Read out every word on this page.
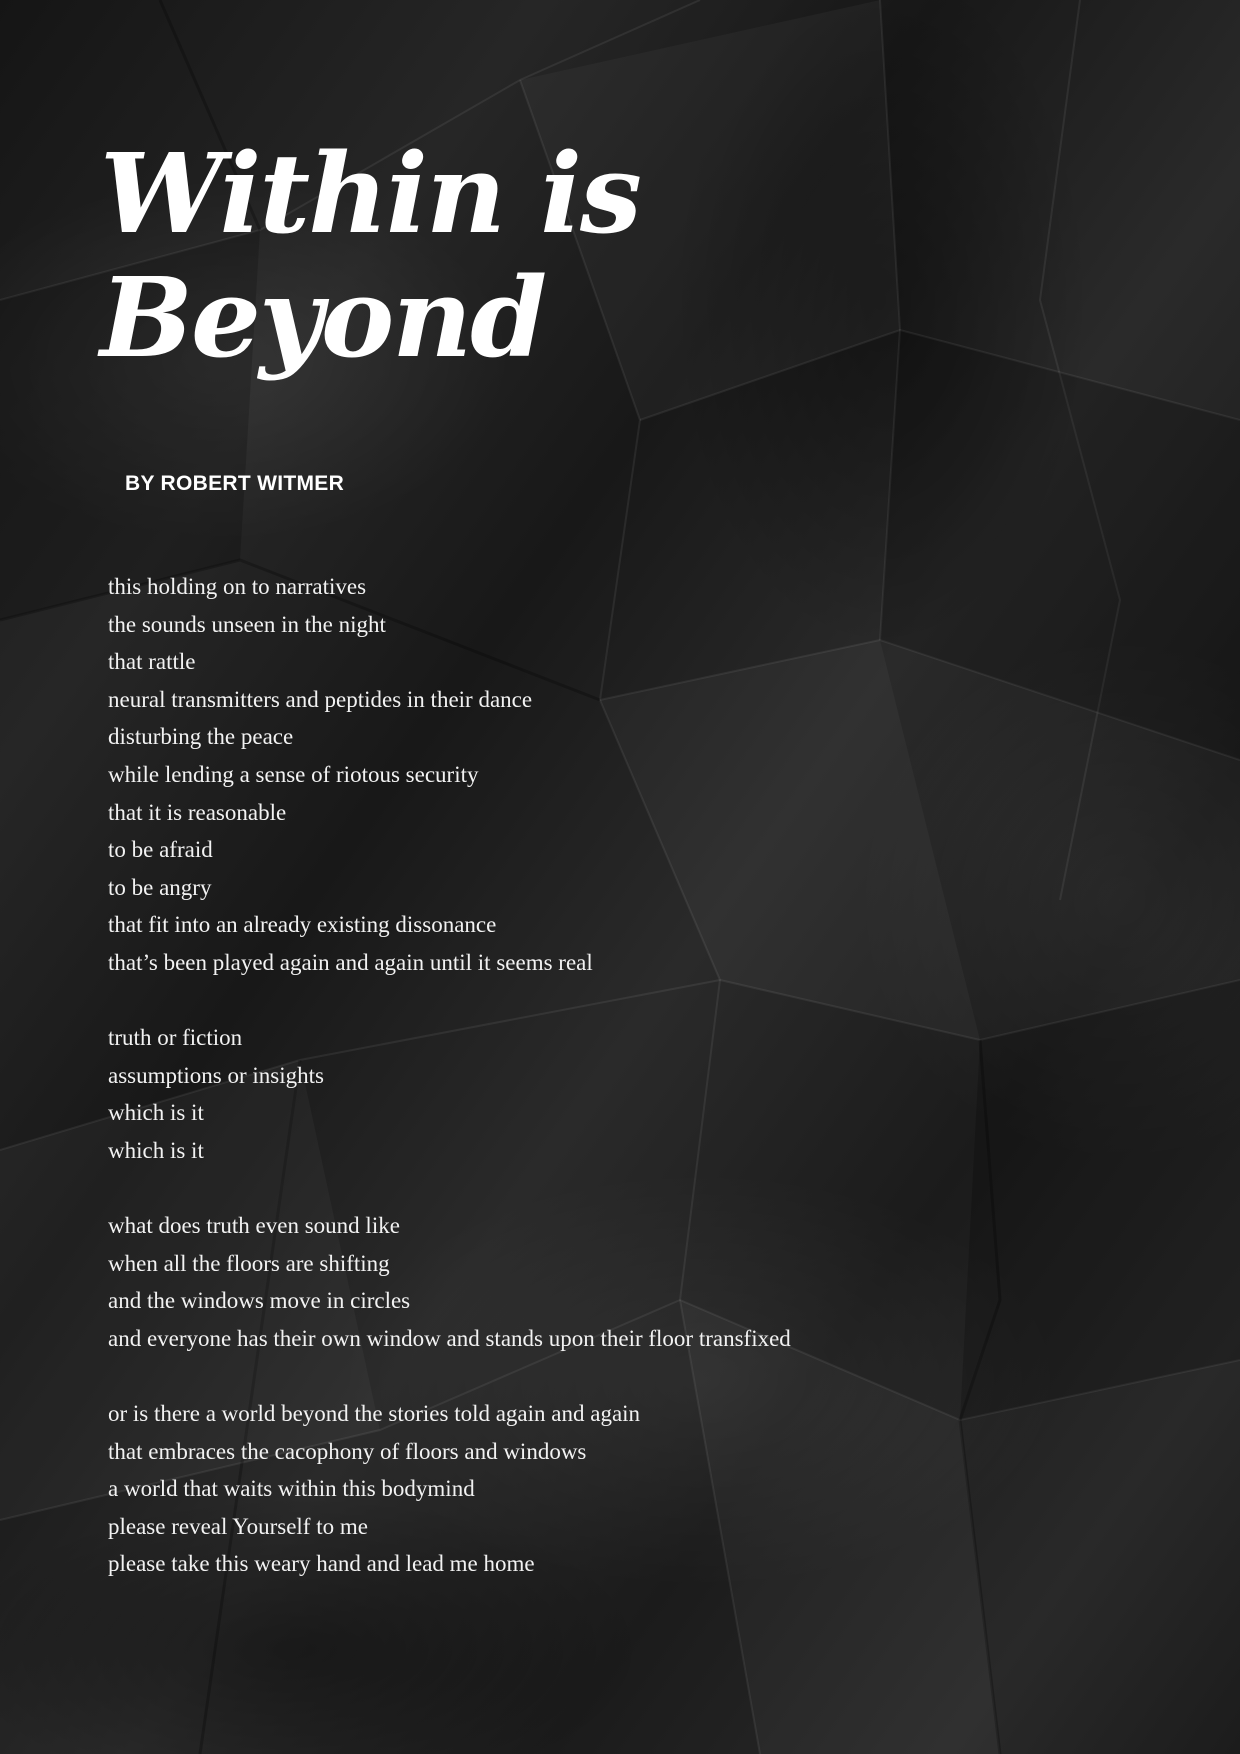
Within is
Beyond

BY ROBERT WITMER

this holding on to narratives
the sounds unseen in the night
that rattle
neural transmitters and peptides in their dance
disturbing the peace
while lending a sense of riotous security
that it is reasonable
to be afraid
to be angry
that fit into an already existing dissonance
that’s been played again and again until it seems real
truth or fiction
assumptions or insights
which is it
which is it
what does truth even sound like
when all the floors are shifting
and the windows move in circles
and everyone has their own window and stands upon their floor transfixed
or is there a world beyond the stories told again and again
that embraces the cacophony of floors and windows
a world that waits within this bodymind
please reveal Yourself to me
please take this weary hand and lead me home
